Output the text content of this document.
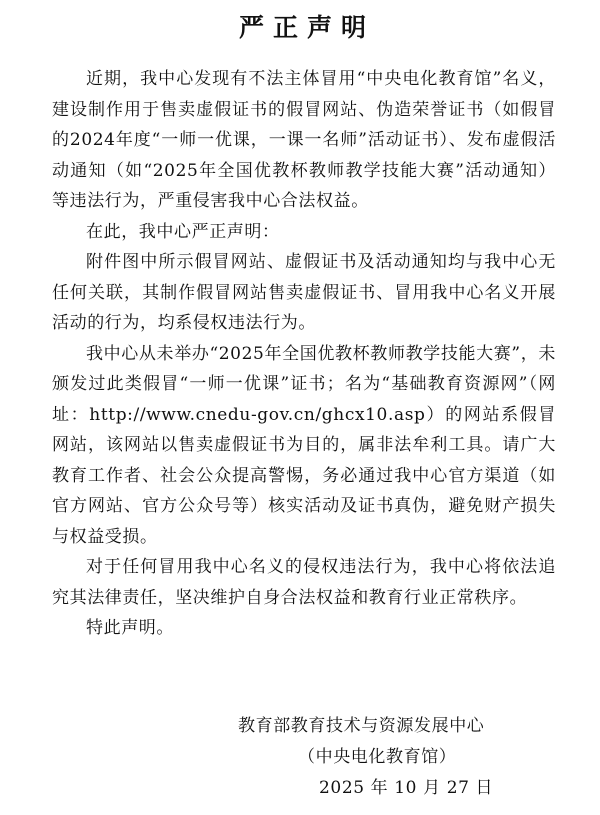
严正声明

近期，我中心发现有不法主体冒用“中央电化教育馆”名义，建设制作用于售卖虚假证书的假冒网站、伪造荣誉证书（如假冒的2024年度“一师一优课，一课一名师”活动证书）、发布虚假活动通知（如“2025年全国优教杯教师教学技能大赛”活动通知）等违法行为，严重侵害我中心合法权益。

在此，我中心严正声明：

附件图中所示假冒网站、虚假证书及活动通知均与我中心无任何关联，其制作假冒网站售卖虚假证书、冒用我中心名义开展活动的行为，均系侵权违法行为。

我中心从未举办“2025年全国优教杯教师教学技能大赛”，未颁发过此类假冒“一师一优课”证书；名为“基础教育资源网”（网址：http://www.cnedu-gov.cn/ghcx10.asp）的网站系假冒网站，该网站以售卖虚假证书为目的，属非法牟利工具。请广大教育工作者、社会公众提高警惕，务必通过我中心官方渠道（如官方网站、官方公众号等）核实活动及证书真伪，避免财产损失与权益受损。

对于任何冒用我中心名义的侵权违法行为，我中心将依法追究其法律责任，坚决维护自身合法权益和教育行业正常秩序。

特此声明。

教育部教育技术与资源发展中心
（中央电化教育馆）
2025 年 10 月 27 日
